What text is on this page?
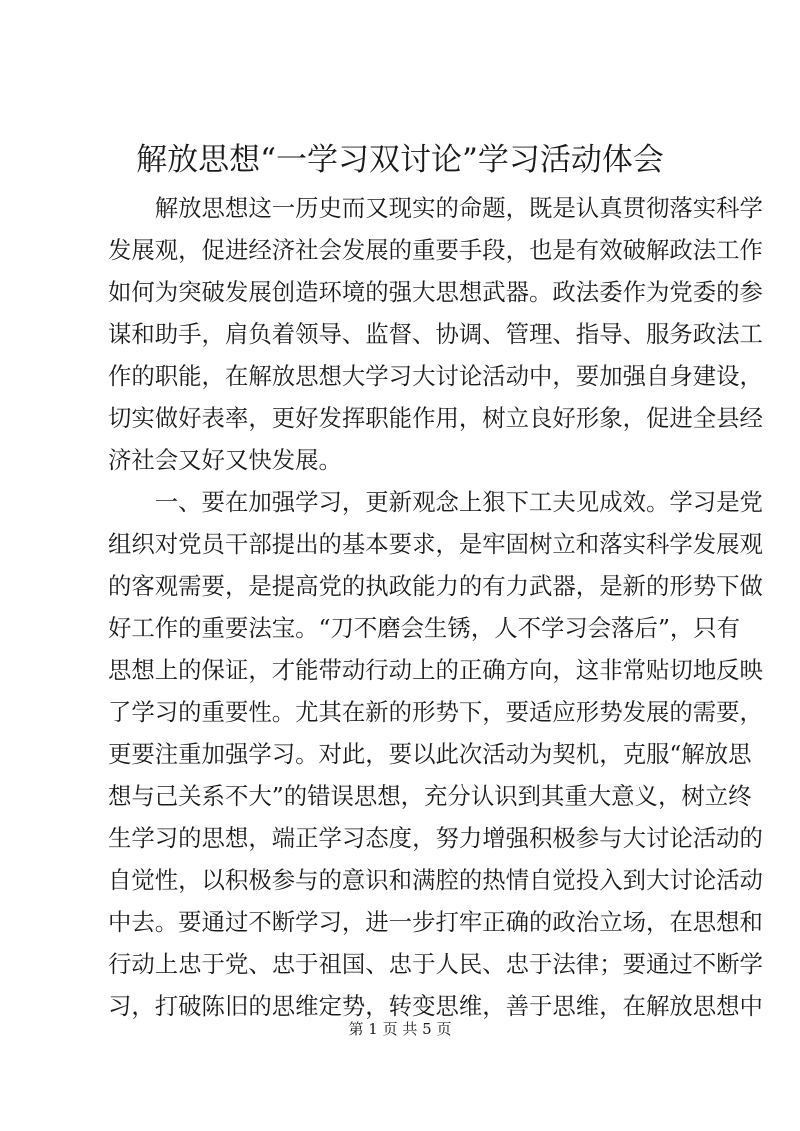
解放思想“一学习双讨论”学习活动体会
　　解放思想这一历史而又现实的命题，既是认真贯彻落实科学
发展观，促进经济社会发展的重要手段，也是有效破解政法工作
如何为突破发展创造环境的强大思想武器。政法委作为党委的参
谋和助手，肩负着领导、监督、协调、管理、指导、服务政法工
作的职能，在解放思想大学习大讨论活动中，要加强自身建设，
切实做好表率，更好发挥职能作用，树立良好形象，促进全县经
济社会又好又快发展。
　　一、要在加强学习，更新观念上狠下工夫见成效。学习是党
组织对党员干部提出的基本要求，是牢固树立和落实科学发展观
的客观需要，是提高党的执政能力的有力武器，是新的形势下做
好工作的重要法宝。“刀不磨会生锈，人不学习会落后”，只有
思想上的保证，才能带动行动上的正确方向，这非常贴切地反映
了学习的重要性。尤其在新的形势下，要适应形势发展的需要，
更要注重加强学习。对此，要以此次活动为契机，克服“解放思
想与己关系不大”的错误思想，充分认识到其重大意义，树立终
生学习的思想，端正学习态度，努力增强积极参与大讨论活动的
自觉性，以积极参与的意识和满腔的热情自觉投入到大讨论活动
中去。要通过不断学习，进一步打牢正确的政治立场，在思想和
行动上忠于党、忠于祖国、忠于人民、忠于法律；要通过不断学
习，打破陈旧的思维定势，转变思维，善于思维，在解放思想中
第 1 页 共 5 页
